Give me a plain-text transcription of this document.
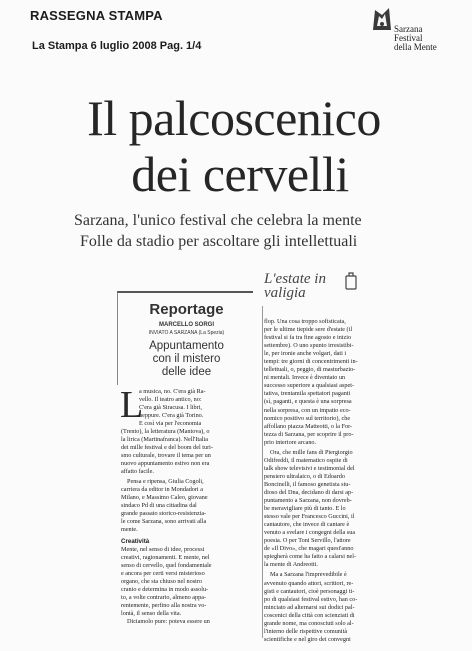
RASSEGNA STAMPA
La Stampa 6 luglio 2008 Pag. 1/4
Sarzana
Festival
della Mente
Il palcoscenico
dei cervelli
Sarzana, l'unico festival che celebra la mente
Folle da stadio per ascoltare gli intellettuali
L'estate in valigia
Reportage
MARCELLO SORGI
INVIATO A SARZANA (La Spezia)
Appuntamento
con il mistero
delle idee
L

a musica, no. C'era già Ra-

vello. Il teatro antico, no:

C'era già Siracusa. I libri,

neppure. C'era già Torino.

E così via per l'economia

(Trento), la letteratura (Mantova), o

la lirica (Martinafranca). Nell'Italia

dei mille festival e del boom del turi-

smo culturale, trovare il tema per un

nuovo appuntamento estivo non era

affatto facile.

Pensa e ripensa, Giulia Cogoli,

carriera da editor in Mondadori a

Milano, e Massimo Caleo, giovane

sindaco Pd di una cittadina dal

grande passato storico-resistenzia-

le come Sarzana, sono arrivati alla

mente.

Creatività

Mente, nel senso di idee, processi

creativi, ragionamenti. E mente, nel

senso di cervello, quel fondamentale

e ancora per certi versi misterioso

organo, che sta chiuso nel nostro

cranio e determina in modo assolu-

to, a volte contrario, almeno appa-

rentemente, perfino alla nostra vo-

lontà, il senso della vita.

Diciamolo pure: poteva essere un

flop. Una cosa troppo sofisticata,

per le ultime tiepide sere d'estate (il

festival si fa tra fine agosto e inizio

settembre). O uno spunto irresistibi-

le, per ironie anche volgari, dati i

tempi: tre giorni di concentrimenti in-

tellettuali, o, peggio, di masturbazio-

ni mentali. Invece è diventato un

successo superiore a qualsiasi aspet-

tativa, trentamila spettatori paganti

(sì, paganti, e questa è una sorpresa

nella sorpresa, con un impatto eco-

nomico positivo sul territorio), che

affollano piazza Matteotti, o la For-

tezza di Sarzana, per scoprire il pro-

prio interiore arcano.

Ora, che mille fans di Piergiorgio

Odifreddi, il matematico ospite di

talk show televisivi e testimonial del

pensiero ultralaico, o di Edoardo

Boncinelli, il famoso genetista stu-

dioso del Dna, decidano di darsi ap-

puntamento a Sarzana, non dovreb-

be meravigliare più di tanto. E lo

stesso vale per Francesco Guccini, il

cantautore, che invece di cantare è

venuto a svelare i congegni della sua

poesia. O per Toni Servillo, l'attore

de «Il Divo», che magari quest'anno

spiegherà come ha fatto a calarsi nel-

la mente di Andreotti.

Ma a Sarzana l'imprevedibile è

avvenuto quando attori, scrittori, re-

gisti e cantautori, cioè personaggi ti-

po di qualsiasi festival estivo, han co-

minciato ad alternarsi sui dodici pal-

coscenici della città con scienziati di

grande nome, ma conosciuti solo al-

l'interno delle rispettive comunità

scientifiche e nel giro dei convegni
